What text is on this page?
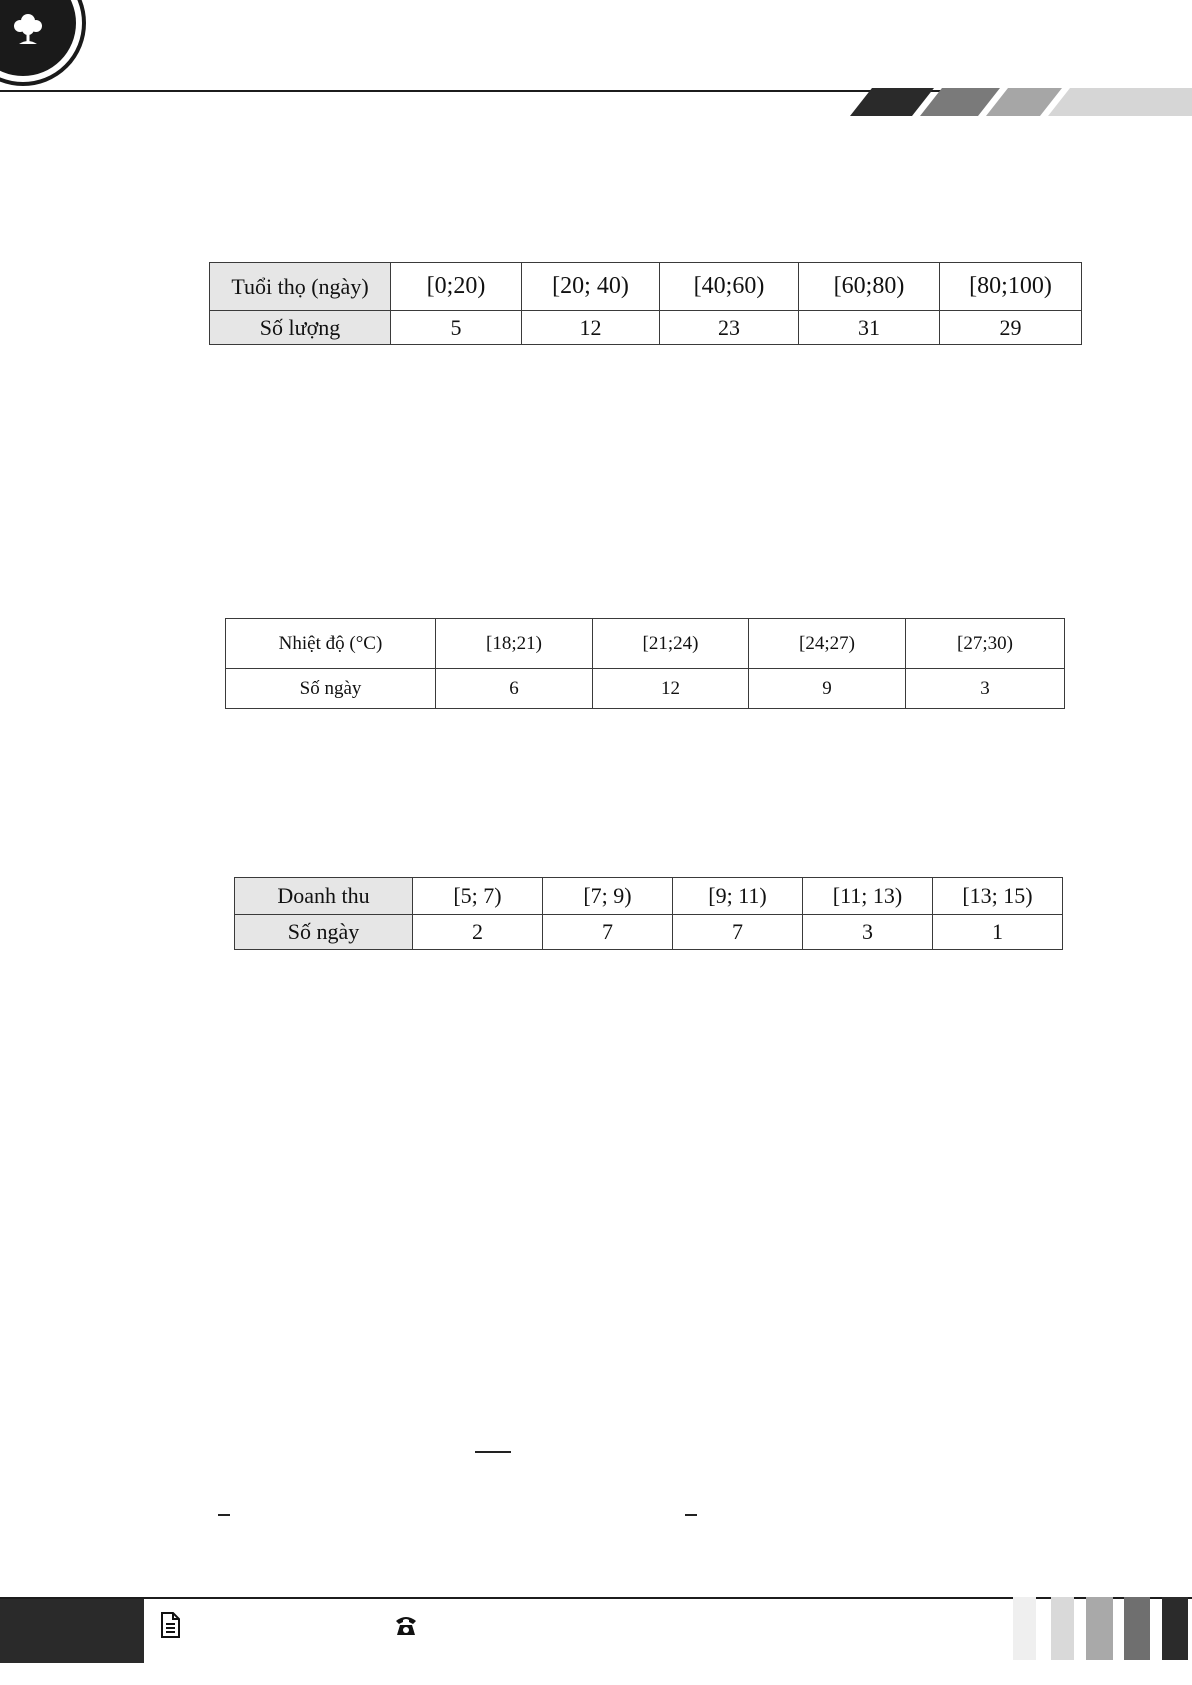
Tuổi thọ (ngày)	[0;20)	[20; 40)	[40;60)	[60;80)	[80;100)
Số lượng	5	12	23	31	29
Nhiệt độ (°C)	[18;21)	[21;24)	[24;27)	[27;30)
Số ngày	6	12	9	3
Doanh thu	[5; 7)	[7; 9)	[9; 11)	[11; 13)	[13; 15)
Số ngày	2	7	7	3	1
